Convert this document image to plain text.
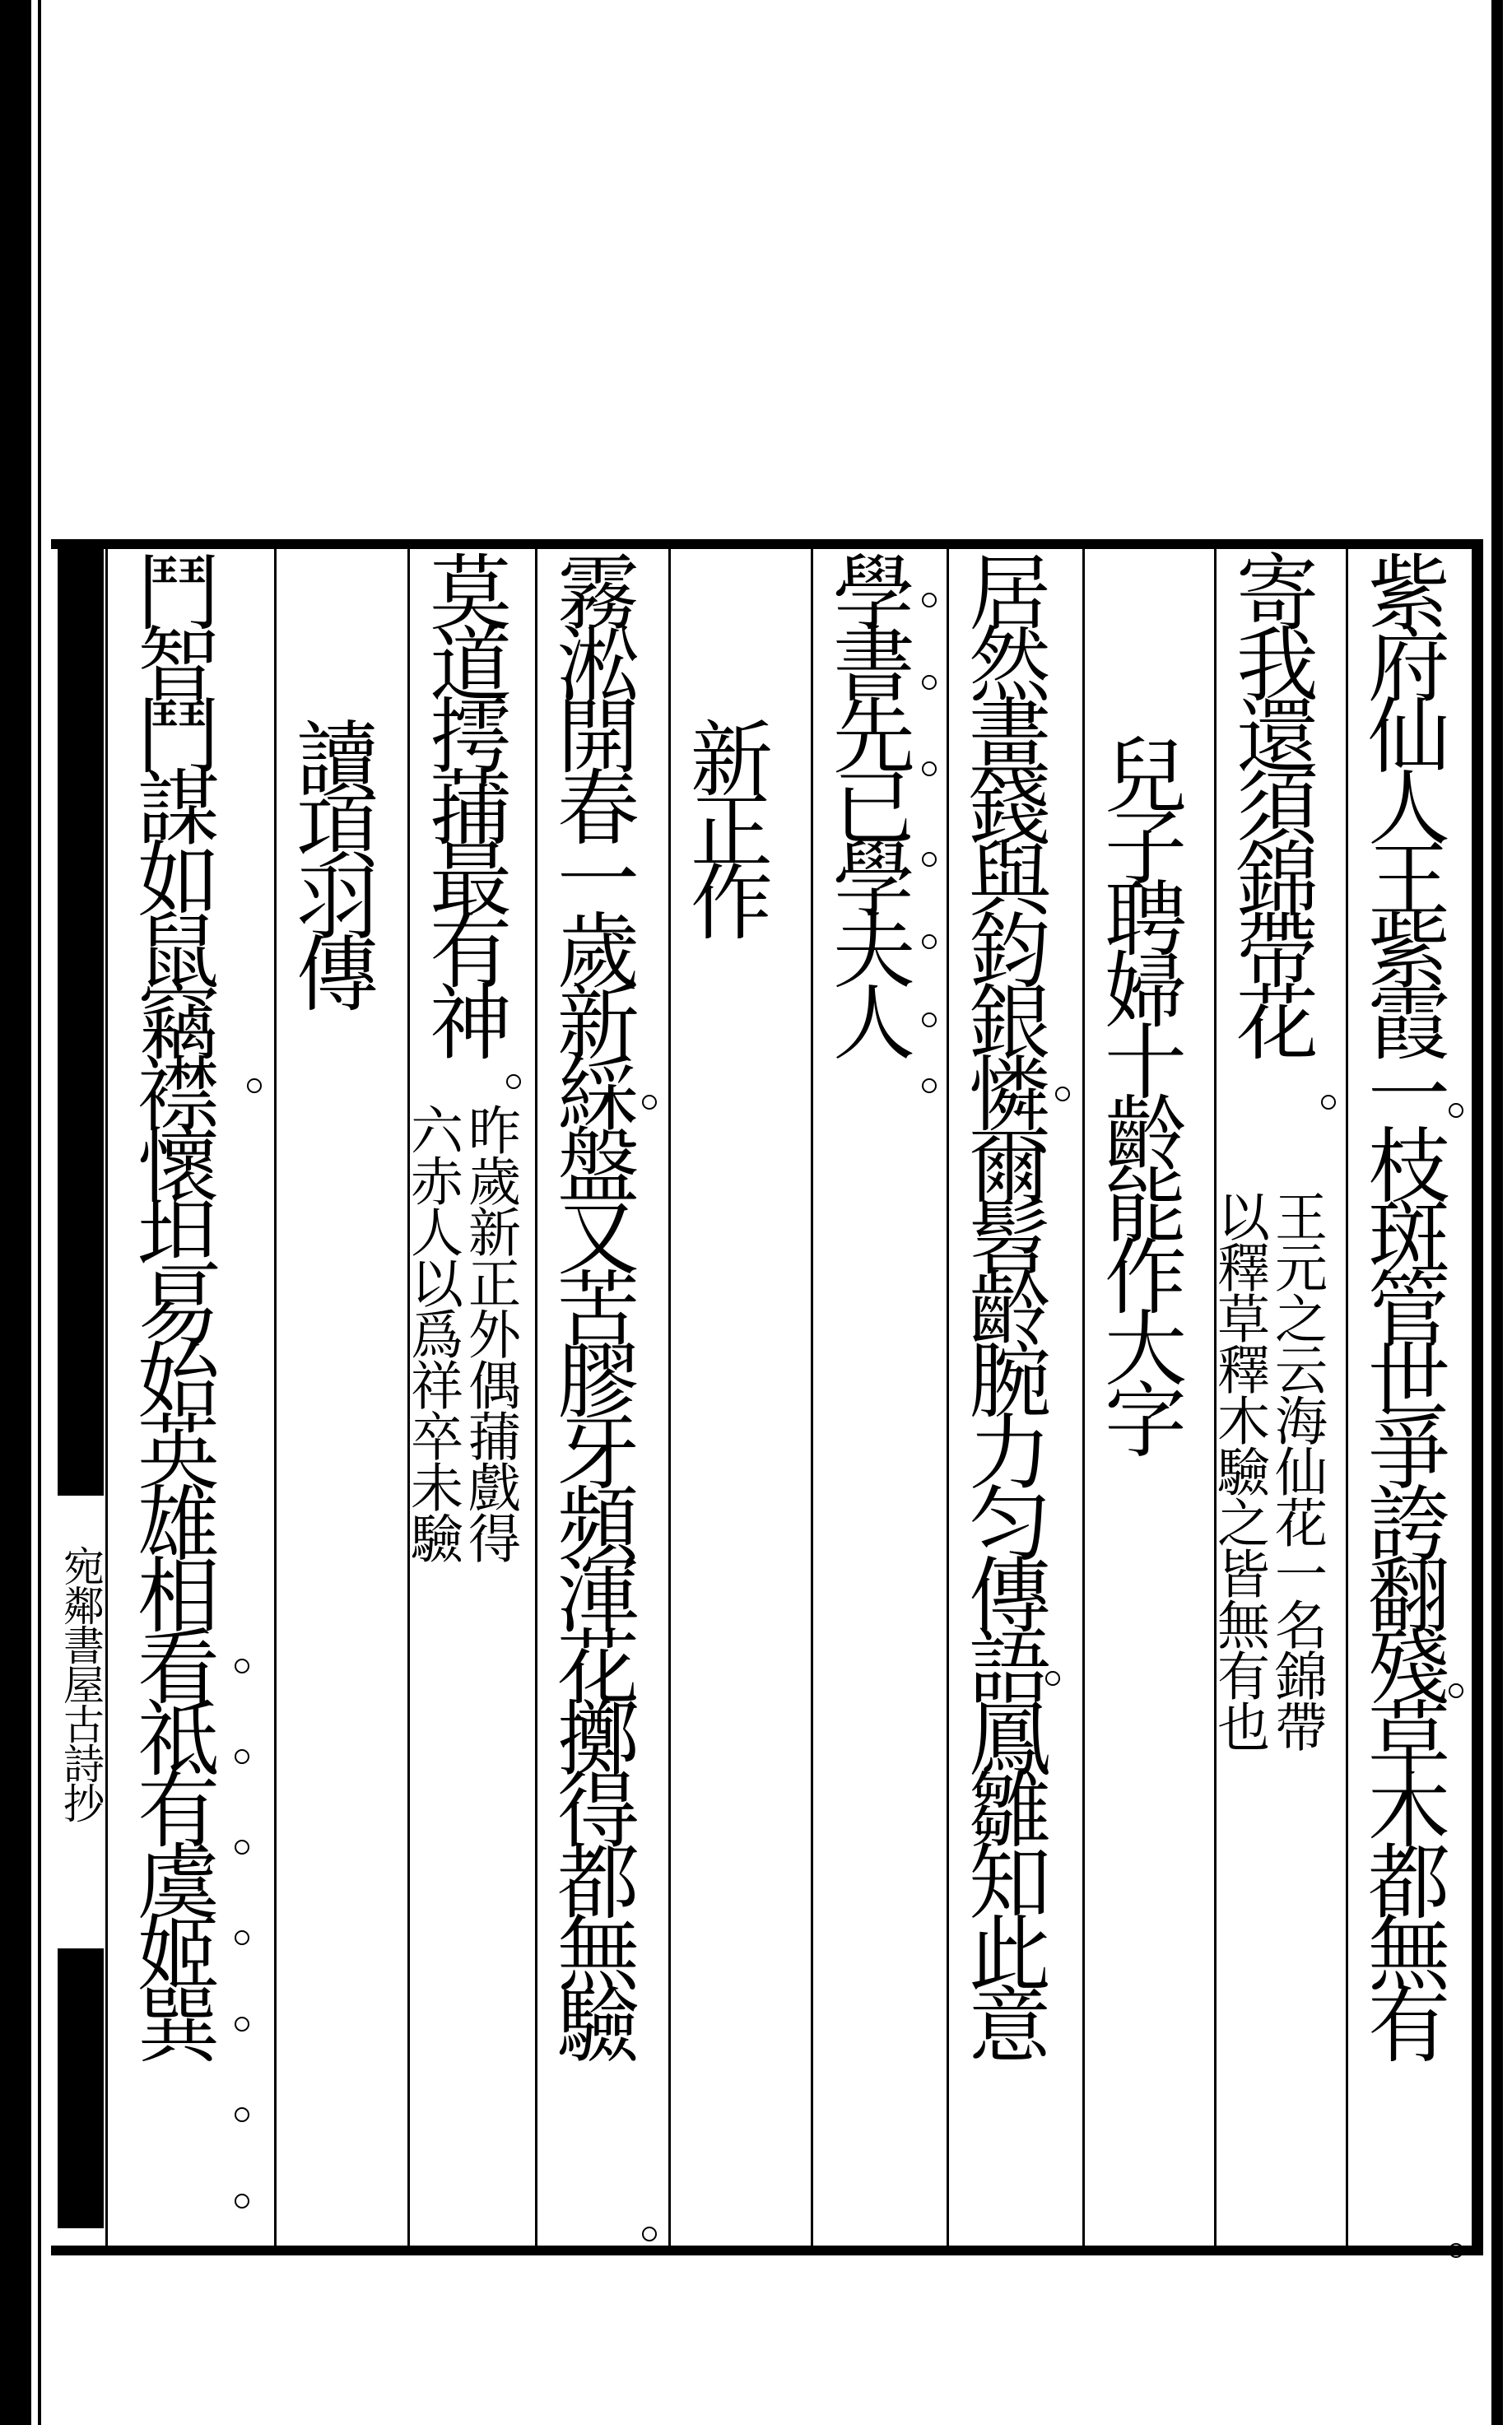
宛鄰書屋古詩抄	紫府仙人王紫霞一枝斑管世爭誇翻殘草木都無有
寄我還須錦帶花
王元之云海仙花一名錦帶
以釋草釋木驗之皆無有也
兒子聘婦十齡能作大字
居然畫錢與鈞銀憐爾髫齡腕力匀傳語鳳雛知此意
學書先已學夫人
新正作
霧淞開春一歲新綵盤又苦膠牙頻渾花擲得都無驗
莫道摴蒱最有神
昨歲新正外偶蒱戲得
六赤人以爲祥卒未驗
讀項羽傳
鬥智鬥謀如鼠竊襟懷坦易始英雄相看祗有虞姬巽
